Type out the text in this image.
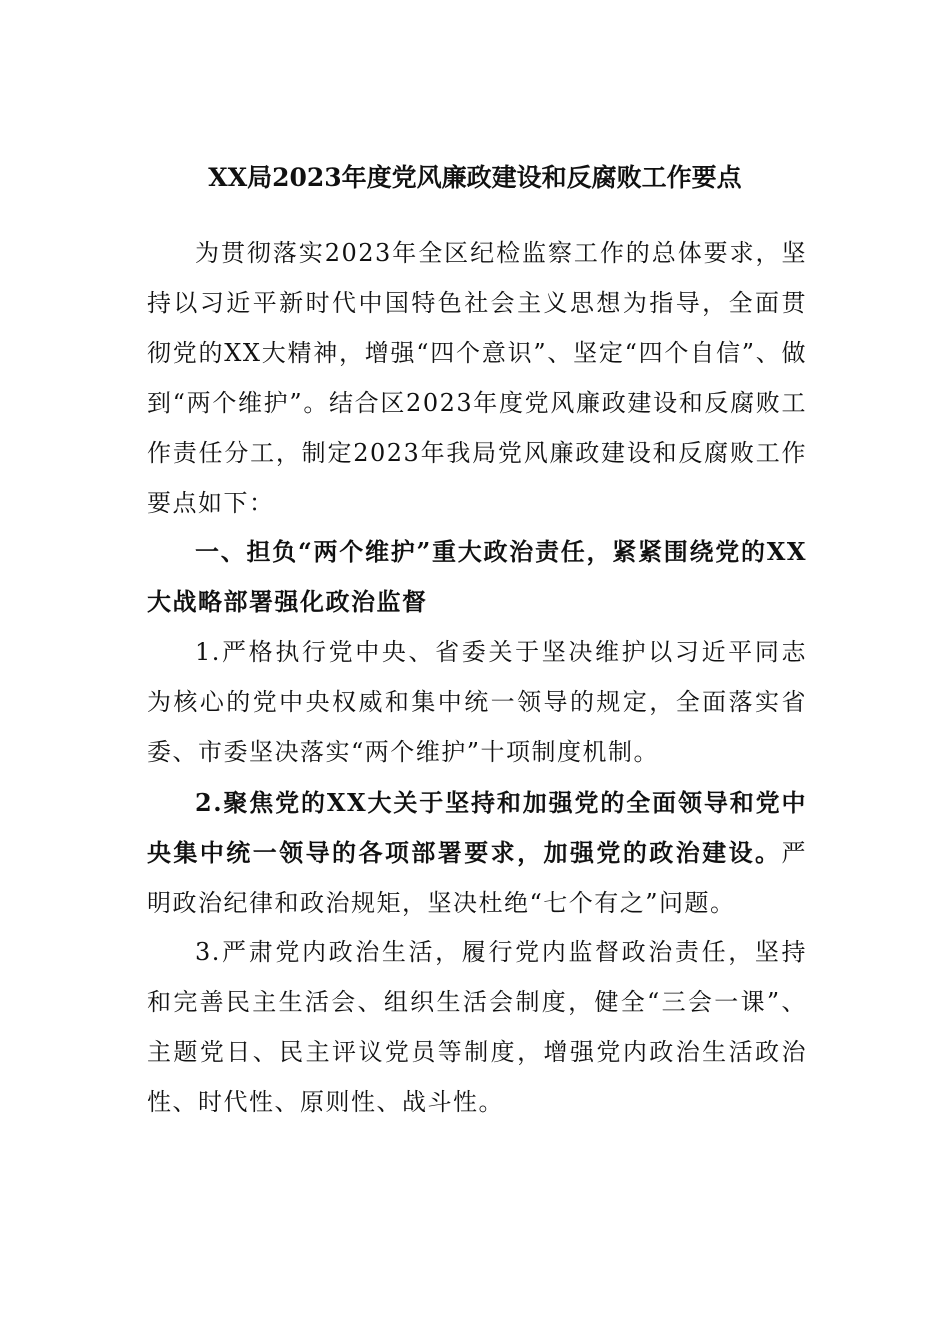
XX局2023年度党风廉政建设和反腐败工作要点

为贯彻落实2023年全区纪检监察工作的总体要求，坚持以习近平新时代中国特色社会主义思想为指导，全面贯彻党的XX大精神，增强“四个意识”、坚定“四个自信”、做到“两个维护”。结合区2023年度党风廉政建设和反腐败工作责任分工，制定2023年我局党风廉政建设和反腐败工作要点如下：

一、担负“两个维护”重大政治责任，紧紧围绕党的XX大战略部署强化政治监督

1.严格执行党中央、省委关于坚决维护以习近平同志为核心的党中央权威和集中统一领导的规定，全面落实省委、市委坚决落实“两个维护”十项制度机制。

2.聚焦党的XX大关于坚持和加强党的全面领导和党中央集中统一领导的各项部署要求，加强党的政治建设。严明政治纪律和政治规矩，坚决杜绝“七个有之”问题。

3.严肃党内政治生活，履行党内监督政治责任，坚持和完善民主生活会、组织生活会制度，健全“三会一课”、主题党日、民主评议党员等制度，增强党内政治生活政治性、时代性、原则性、战斗性。
